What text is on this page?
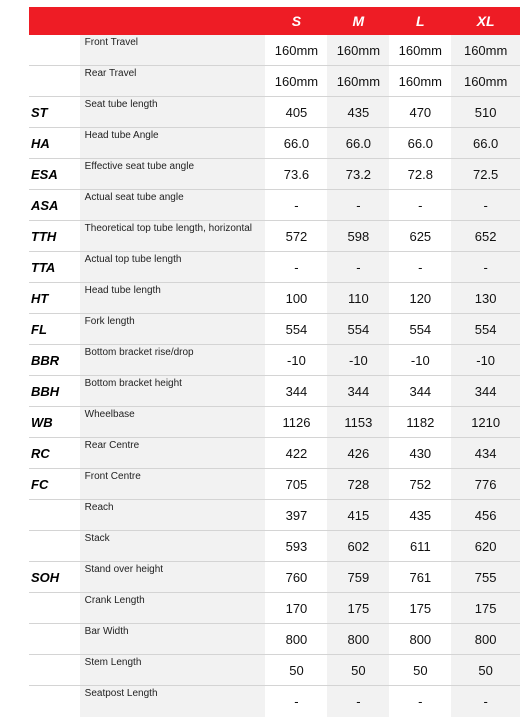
		S	M	L	XL
	Front Travel	160mm	160mm	160mm	160mm
	Rear Travel	160mm	160mm	160mm	160mm
ST	Seat tube length	405	435	470	510
HA	Head tube Angle	66.0	66.0	66.0	66.0
ESA	Effective seat tube angle	73.6	73.2	72.8	72.5
ASA	Actual seat tube angle	-	-	-	-
TTH	Theoretical top tube length, horizontal	572	598	625	652
TTA	Actual top tube length	-	-	-	-
HT	Head tube length	100	110	120	130
FL	Fork length	554	554	554	554
BBR	Bottom bracket rise/drop	-10	-10	-10	-10
BBH	Bottom bracket height	344	344	344	344
WB	Wheelbase	1126	1153	1182	1210
RC	Rear Centre	422	426	430	434
FC	Front Centre	705	728	752	776
	Reach	397	415	435	456
	Stack	593	602	611	620
SOH	Stand over height	760	759	761	755
	Crank Length	170	175	175	175
	Bar Width	800	800	800	800
	Stem Length	50	50	50	50
	Seatpost Length	-	-	-	-
